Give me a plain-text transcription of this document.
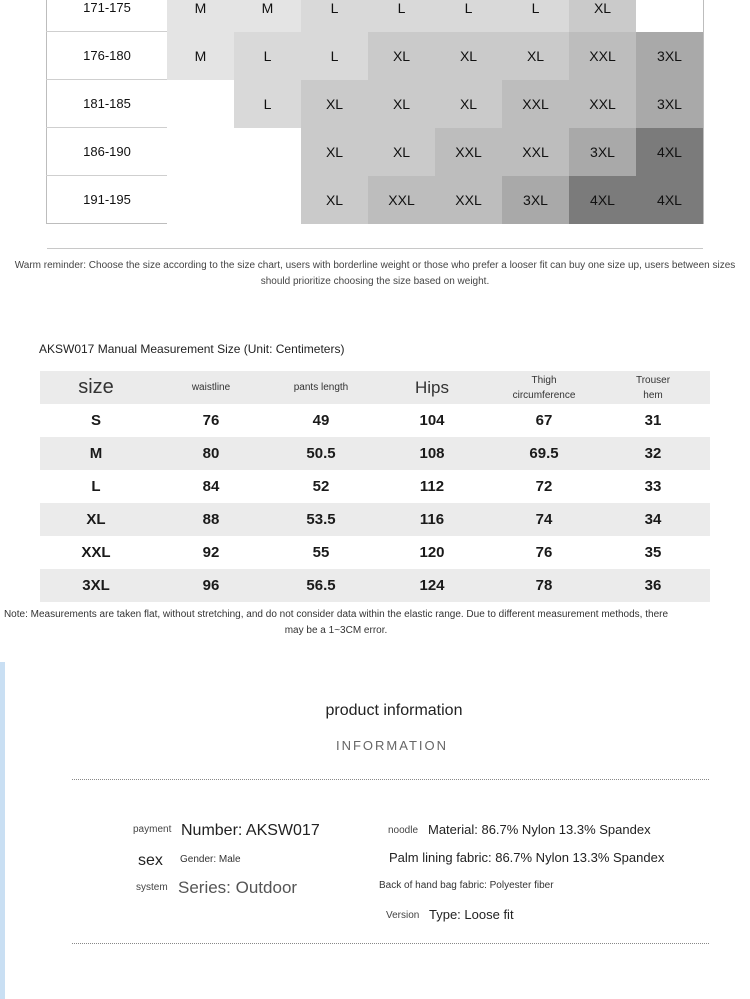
171-175	M	M	L	L	L	L	XL	
176-180	M	L	L	XL	XL	XL	XXL	3XL
181-185		L	XL	XL	XL	XXL	XXL	3XL
186-190			XL	XL	XXL	XXL	3XL	4XL
191-195			XL	XXL	XXL	3XL	4XL	4XL
Warm reminder: Choose the size according to the size chart, users with borderline weight or those who prefer a looser fit can buy one size up, users between sizes should prioritize choosing the size based on weight.
AKSW017 Manual Measurement Size (Unit: Centimeters)
size	waistline	pants length	Hips	Thigh circumference	Trouser hem
S	76	49	104	67	31
M	80	50.5	108	69.5	32
L	84	52	112	72	33
XL	88	53.5	116	74	34
XXL	92	55	120	76	35
3XL	96	56.5	124	78	36
Note: Measurements are taken flat, without stretching, and do not consider data within the elastic range. Due to different measurement methods, there may be a 1~3CM error.
product information
INFORMATION
payment Number: AKSW017	noodle Material: 86.7% Nylon 13.3% Spandex
sex Gender: Male	Palm lining fabric: 86.7% Nylon 13.3% Spandex
system Series: Outdoor	Back of hand bag fabric: Polyester fiber
Version Type: Loose fit
